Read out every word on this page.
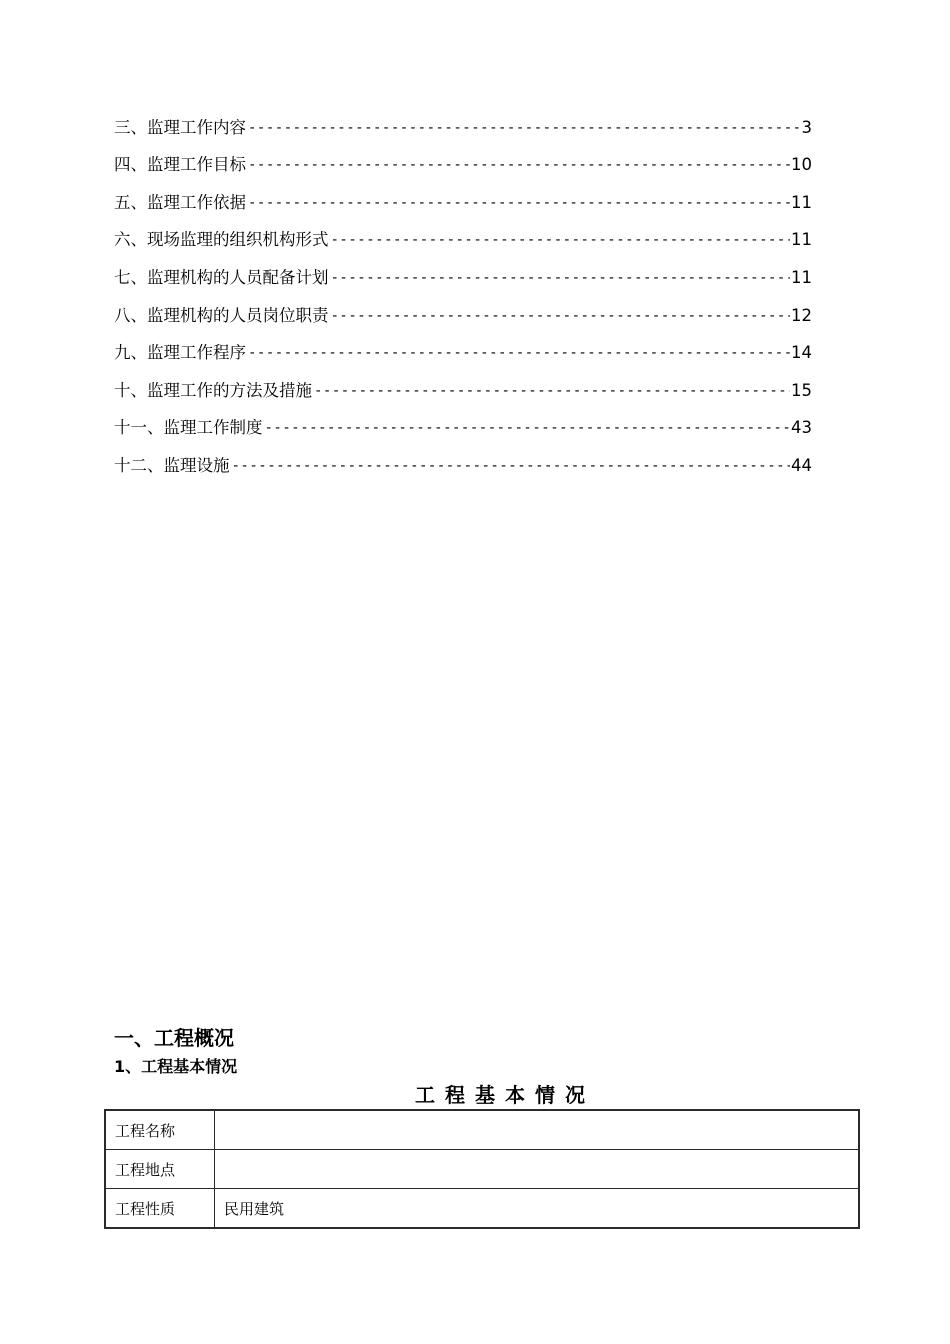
三、监理工作内容 -----	3
四、监理工作目标 -----	10
五、监理工作依据 -----	11
六、现场监理的组织机构形式 -----	11
七、监理机构的人员配备计划 -----	11
八、监理机构的人员岗位职责 -----	12
九、监理工作程序 -----	14
十、监理工作的方法及措施 -----	15
十一、监理工作制度 -----	43
十二、监理设施 -----	44
一、工程概况
1、工程基本情况
工程基本情况
工程名称	
工程地点	
工程性质	民用建筑
